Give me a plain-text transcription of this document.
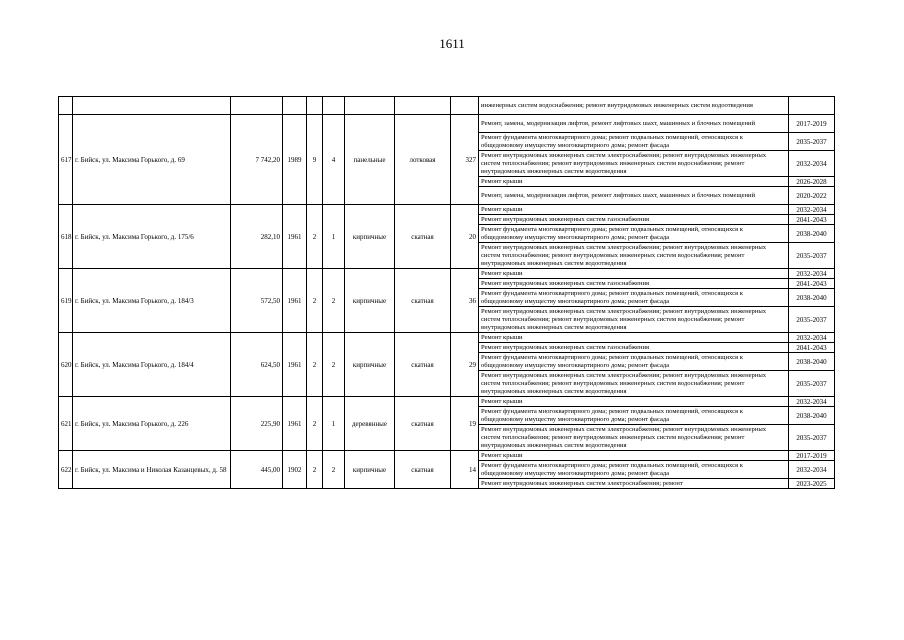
1611
									инженерных систем водоснабжения; ремонт внутридомовых инженерных систем водоотведения	
617	г. Бийск, ул. Максима Горького, д. 69	7 742,20	1989	9	4	панельные	лотковая	327	Ремонт, замена, модернизация лифтов, ремонт лифтовых шахт, машинных и блочных помещений	2017-2019
									Ремонт фундамента многоквартирного дома; ремонт подвальных помещений, относящихся к общедомовому имуществу многоквартирного дома; ремонт фасада	2035-2037
									Ремонт внутридомовых инженерных систем электроснабжения; ремонт внутридомовых инженерных систем теплоснабжения; ремонт внутридомовых инженерных систем водоснабжения; ремонт внутридомовых инженерных систем водоотведения	2032-2034
									Ремонт крыши	2026-2028
									Ремонт, замена, модернизация лифтов, ремонт лифтовых шахт, машинных и блочных помещений	2020-2022
618	г. Бийск, ул. Максима Горького, д. 175/6	282,10	1961	2	1	кирпичные	скатная	20	Ремонт крыши	2032-2034
									Ремонт внутридомовых инженерных систем газоснабжения	2041-2043
									Ремонт фундамента многоквартирного дома; ремонт подвальных помещений, относящихся к общедомовому имуществу многоквартирного дома; ремонт фасада	2038-2040
									Ремонт внутридомовых инженерных систем электроснабжения; ремонт внутридомовых инженерных систем теплоснабжения; ремонт внутридомовых инженерных систем водоснабжения; ремонт внутридомовых инженерных систем водоотведения	2035-2037
619	г. Бийск, ул. Максима Горького, д. 184/3	572,50	1961	2	2	кирпичные	скатная	36	Ремонт крыши	2032-2034
									Ремонт внутридомовых инженерных систем газоснабжения	2041-2043
									Ремонт фундамента многоквартирного дома; ремонт подвальных помещений, относящихся к общедомовому имуществу многоквартирного дома; ремонт фасада	2038-2040
									Ремонт внутридомовых инженерных систем электроснабжения; ремонт внутридомовых инженерных систем теплоснабжения; ремонт внутридомовых инженерных систем водоснабжения; ремонт внутридомовых инженерных систем водоотведения	2035-2037
620	г. Бийск, ул. Максима Горького, д. 184/4	624,50	1961	2	2	кирпичные	скатная	29	Ремонт крыши	2032-2034
									Ремонт внутридомовых инженерных систем газоснабжения	2041-2043
									Ремонт фундамента многоквартирного дома; ремонт подвальных помещений, относящихся к общедомовому имуществу многоквартирного дома; ремонт фасада	2038-2040
									Ремонт внутридомовых инженерных систем электроснабжения; ремонт внутридомовых инженерных систем теплоснабжения; ремонт внутридомовых инженерных систем водоснабжения; ремонт внутридомовых инженерных систем водоотведения	2035-2037
621	г. Бийск, ул. Максима Горького, д. 226	225,90	1961	2	1	деревянные	скатная	19	Ремонт крыши	2032-2034
									Ремонт фундамента многоквартирного дома; ремонт подвальных помещений, относящихся к общедомовому имуществу многоквартирного дома; ремонт фасада	2038-2040
									Ремонт внутридомовых инженерных систем электроснабжения; ремонт внутридомовых инженерных систем теплоснабжения; ремонт внутридомовых инженерных систем водоснабжения; ремонт внутридомовых инженерных систем водоотведения	2035-2037
622	г. Бийск, ул. Максима и Николая Казанцевых, д. 58	445,00	1902	2	2	кирпичные	скатная	14	Ремонт крыши	2017-2019
									Ремонт фундамента многоквартирного дома; ремонт подвальных помещений, относящихся к общедомовому имуществу многоквартирного дома; ремонт фасада	2032-2034
									Ремонт внутридомовых инженерных систем электроснабжения; ремонт	2023-2025
